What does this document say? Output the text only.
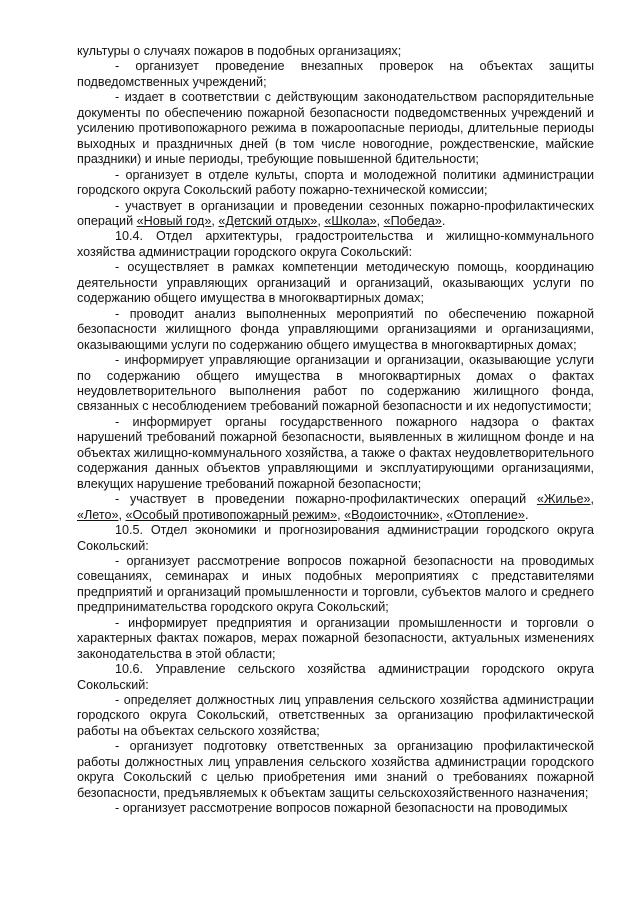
культуры о случаях пожаров в подобных организациях;

- организует проведение внезапных проверок на объектах защиты подведомственных учреждений;

- издает в соответствии с действующим законодательством распорядительные документы по обеспечению пожарной безопасности подведомственных учреждений и усилению противопожарного режима в пожароопасные периоды, длительные периоды выходных и праздничных дней (в том числе новогодние, рождественские, майские праздники) и иные периоды, требующие повышенной бдительности;

- организует в отделе культы, спорта и молодежной политики администрации городского округа Сокольский работу пожарно-технической комиссии;

- участвует в организации и проведении сезонных пожарно-профилактических операций «Новый год», «Детский отдых», «Школа», «Победа».

10.4. Отдел архитектуры, градостроительства и жилищно-коммунального хозяйства администрации городского округа Сокольский:

- осуществляет в рамках компетенции методическую помощь, координацию деятельности управляющих организаций и организаций, оказывающих услуги по содержанию общего имущества в многоквартирных домах;

- проводит анализ выполненных мероприятий по обеспечению пожарной безопасности жилищного фонда управляющими организациями и организациями, оказывающими услуги по содержанию общего имущества в многоквартирных домах;

- информирует управляющие организации и организации, оказывающие услуги по содержанию общего имущества в многоквартирных домах о фактах неудовлетворительного выполнения работ по содержанию жилищного фонда, связанных с несоблюдением требований пожарной безопасности и их недопустимости;

- информирует органы государственного пожарного надзора о фактах нарушений требований пожарной безопасности, выявленных в жилищном фонде и на объектах жилищно-коммунального хозяйства, а также о фактах неудовлетворительного содержания данных объектов управляющими и эксплуатирующими организациями, влекущих нарушение требований пожарной безопасности;

- участвует в проведении пожарно-профилактических операций «Жилье», «Лето», «Особый противопожарный режим», «Водоисточник», «Отопление».

10.5. Отдел экономики и прогнозирования администрации городского округа Сокольский:

- организует рассмотрение вопросов пожарной безопасности на проводимых совещаниях, семинарах и иных подобных мероприятиях с представителями предприятий и организаций промышленности и торговли, субъектов малого и среднего предпринимательства городского округа Сокольский;

- информирует предприятия и организации промышленности и торговли о характерных фактах пожаров, мерах пожарной безопасности, актуальных изменениях законодательства в этой области;

10.6. Управление сельского хозяйства администрации городского округа Сокольский:

- определяет должностных лиц управления сельского хозяйства администрации городского округа Сокольский, ответственных за организацию профилактической работы на объектах сельского хозяйства;

- организует подготовку ответственных за организацию профилактической работы должностных лиц управления сельского хозяйства администрации городского округа Сокольский с целью приобретения ими знаний о требованиях пожарной безопасности, предъявляемых к объектам защиты сельскохозяйственного назначения;

- организует рассмотрение вопросов пожарной безопасности на проводимых
